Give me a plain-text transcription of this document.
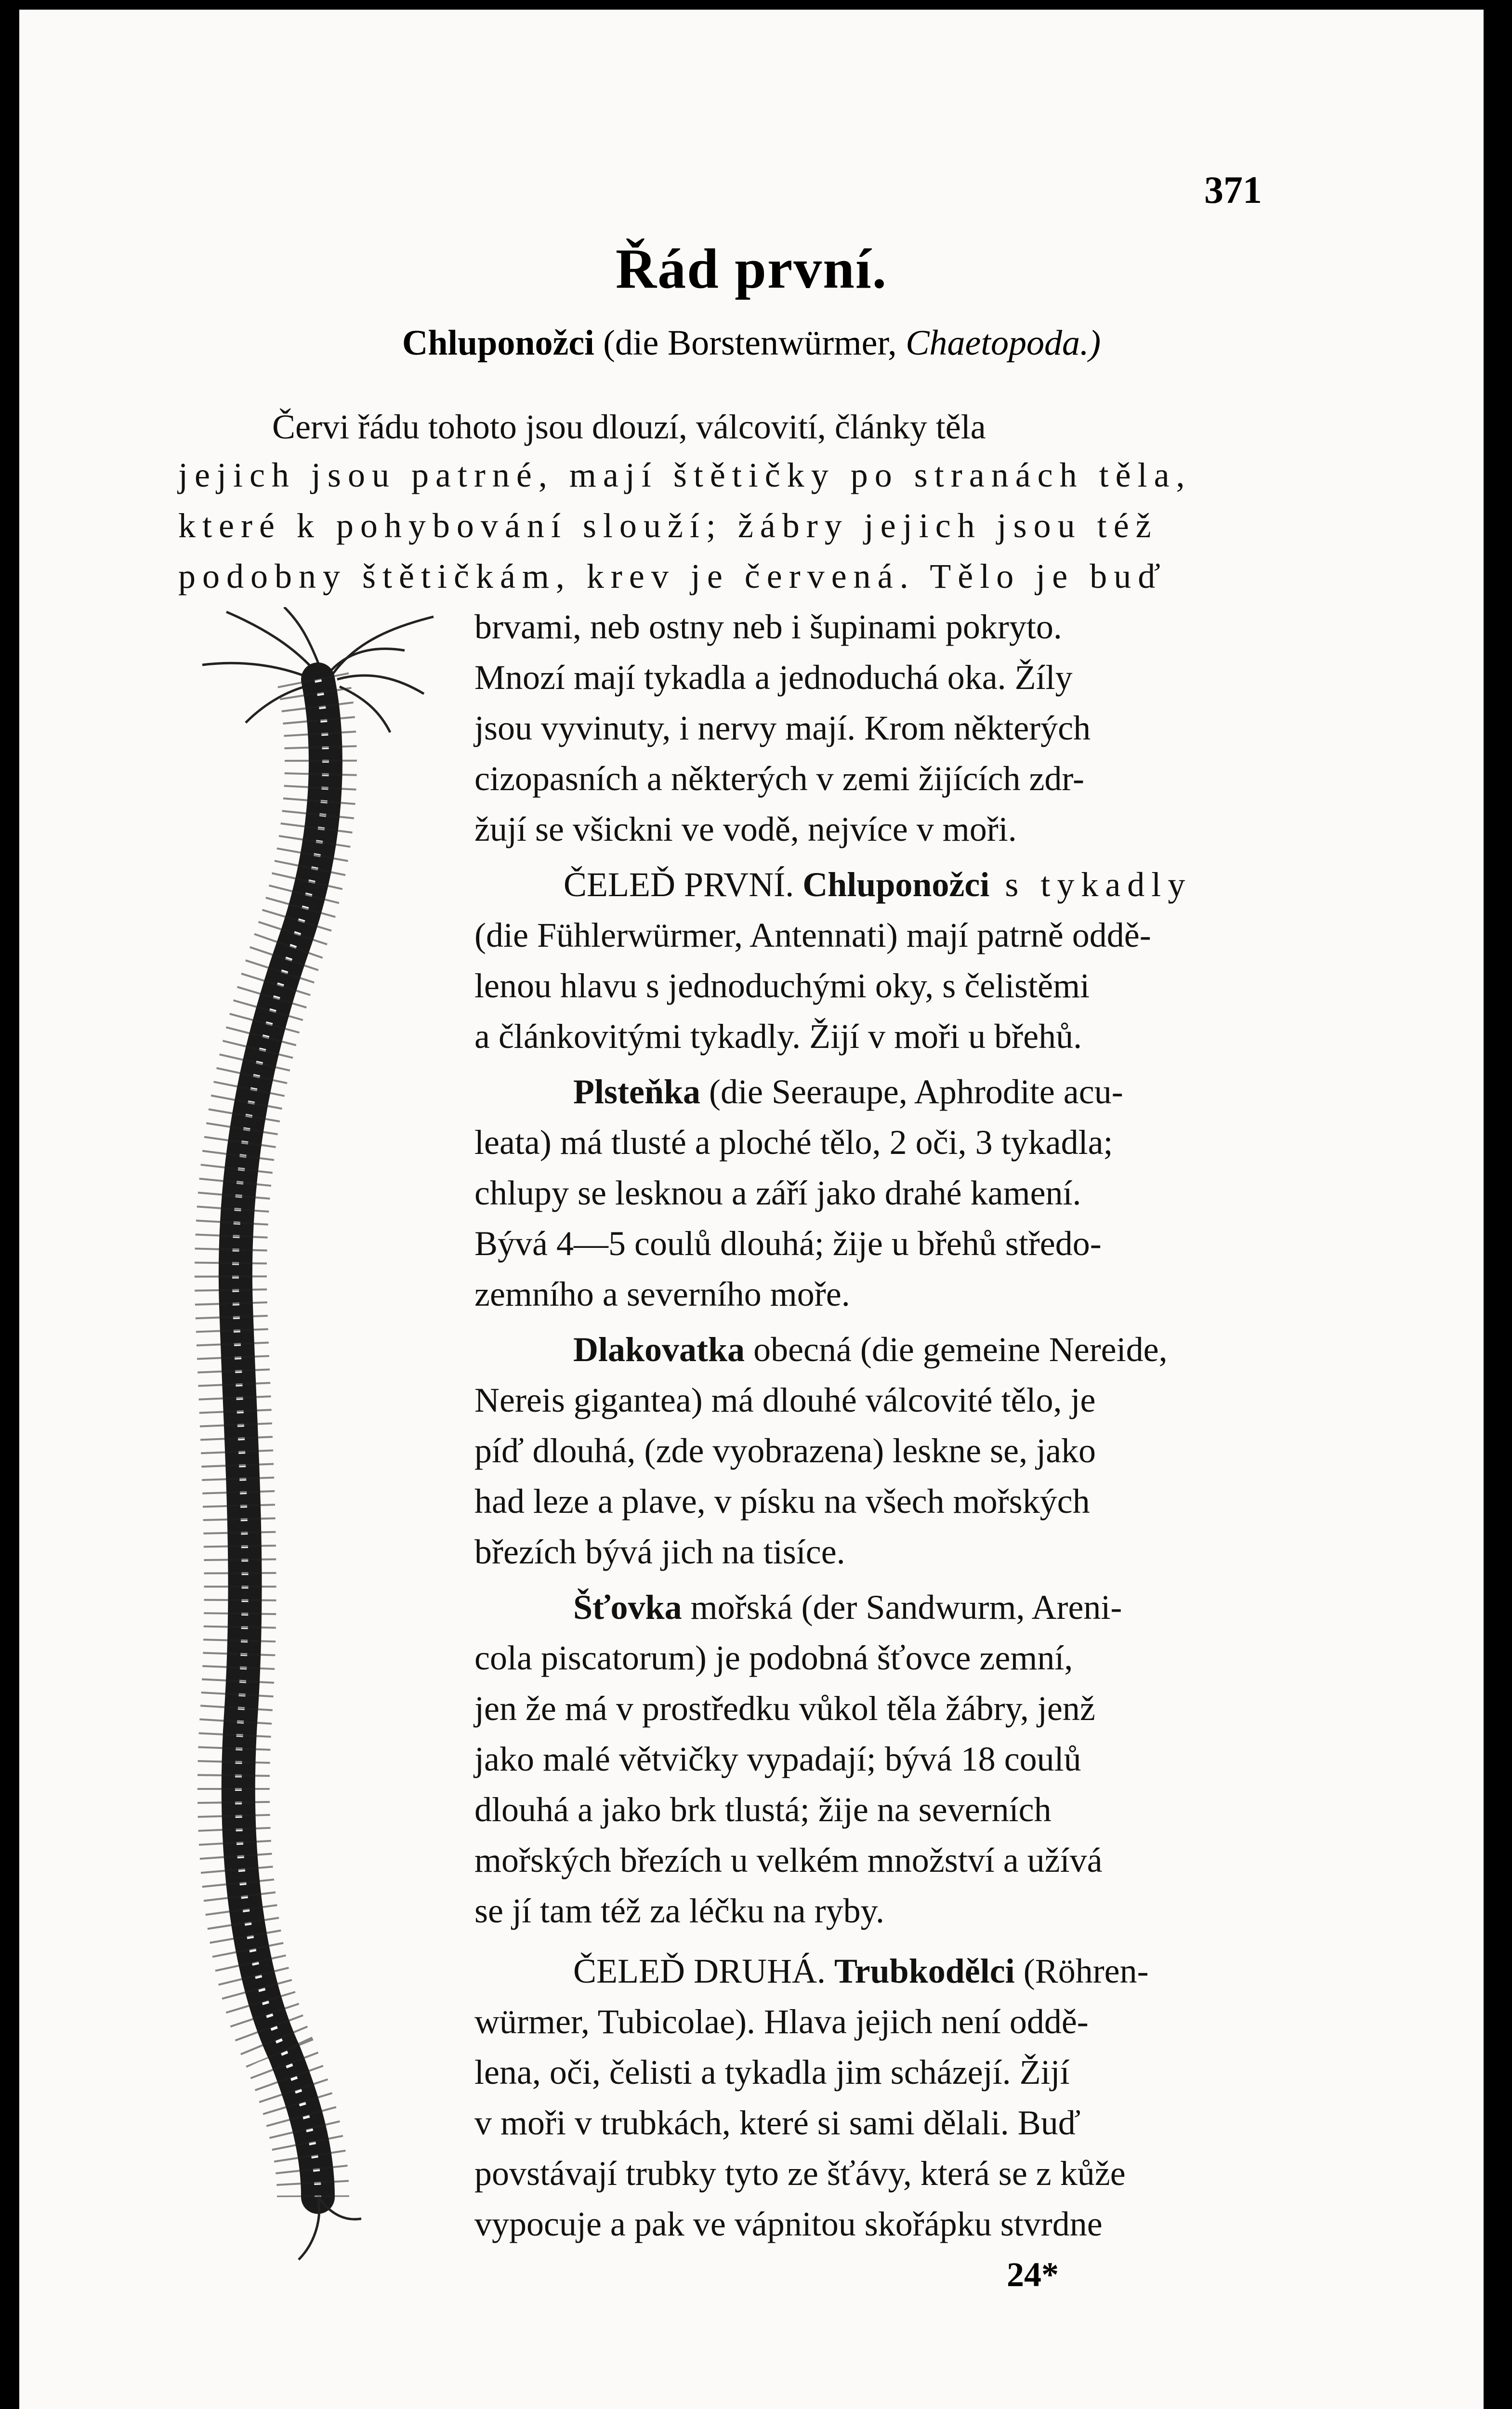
371
Řád první.
Chluponožci (die Borstenwürmer, Chaetopoda.)
Červi řádu tohoto jsou dlouzí, válcovití, články těla
jejich jsou patrné, mají štětičky po stranách těla,
které k pohybování slouží; žábry jejich jsou též
podobny štětičkám, krev je červená. Tělo je buď
brvami, neb ostny neb i šupinami pokryto.
Mnozí mají tykadla a jednoduchá oka. Žíly
jsou vyvinuty, i nervy mají. Krom některých
cizopasních a některých v zemi žijících zdr-
žují se všickni ve vodě, nejvíce v moři.
ČELEĎ PRVNÍ. Chluponožci s tykadly
(die Fühlerwürmer, Antennati) mají patrně oddě-
lenou hlavu s jednoduchými oky, s čelistěmi
a článkovitými tykadly. Žijí v moři u břehů.
Plsteňka (die Seeraupe, Aphrodite acu-
leata) má tlusté a ploché tělo, 2 oči, 3 tykadla;
chlupy se lesknou a září jako drahé kamení.
Bývá 4—5 coulů dlouhá; žije u břehů středo-
zemního a severního moře.
Dlakovatka obecná (die gemeine Nereide,
Nereis gigantea) má dlouhé válcovité tělo, je
píď dlouhá, (zde vyobrazena) leskne se, jako
had leze a plave, v písku na všech mořských
březích bývá jich na tisíce.
Šťovka mořská (der Sandwurm, Areni-
cola piscatorum) je podobná šťovce zemní,
jen že má v prostředku vůkol těla žábry, jenž
jako malé větvičky vypadají; bývá 18 coulů
dlouhá a jako brk tlustá; žije na severních
mořských březích u velkém množství a užívá
se jí tam též za léčku na ryby.
ČELEĎ DRUHÁ. Trubkodělci (Röhren-
würmer, Tubicolae). Hlava jejich není oddě-
lena, oči, čelisti a tykadla jim scházejí. Žijí
v moři v trubkách, které si sami dělali. Buď
povstávají trubky tyto ze šťávy, která se z kůže
vypocuje a pak ve vápnitou skořápku stvrdne
24*
